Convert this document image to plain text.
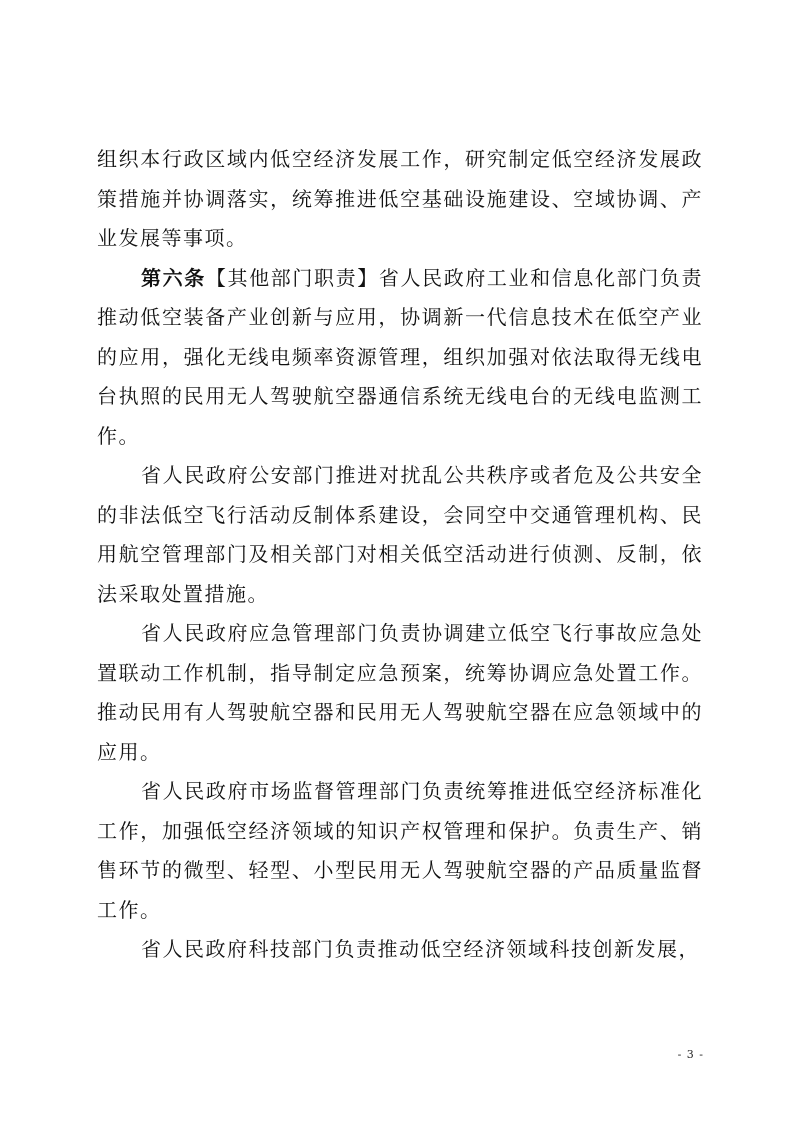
组织本行政区域内低空经济发展工作，研究制定低空经济发展政策措施并协调落实，统筹推进低空基础设施建设、空域协调、产业发展等事项。

第六条【其他部门职责】省人民政府工业和信息化部门负责推动低空装备产业创新与应用，协调新一代信息技术在低空产业的应用，强化无线电频率资源管理，组织加强对依法取得无线电台执照的民用无人驾驶航空器通信系统无线电台的无线电监测工作。

省人民政府公安部门推进对扰乱公共秩序或者危及公共安全的非法低空飞行活动反制体系建设，会同空中交通管理机构、民用航空管理部门及相关部门对相关低空活动进行侦测、反制，依法采取处置措施。

省人民政府应急管理部门负责协调建立低空飞行事故应急处置联动工作机制，指导制定应急预案，统筹协调应急处置工作。推动民用有人驾驶航空器和民用无人驾驶航空器在应急领域中的应用。

省人民政府市场监督管理部门负责统筹推进低空经济标准化工作，加强低空经济领域的知识产权管理和保护。负责生产、销售环节的微型、轻型、小型民用无人驾驶航空器的产品质量监督工作。

省人民政府科技部门负责推动低空经济领域科技创新发展，

- 3 -
